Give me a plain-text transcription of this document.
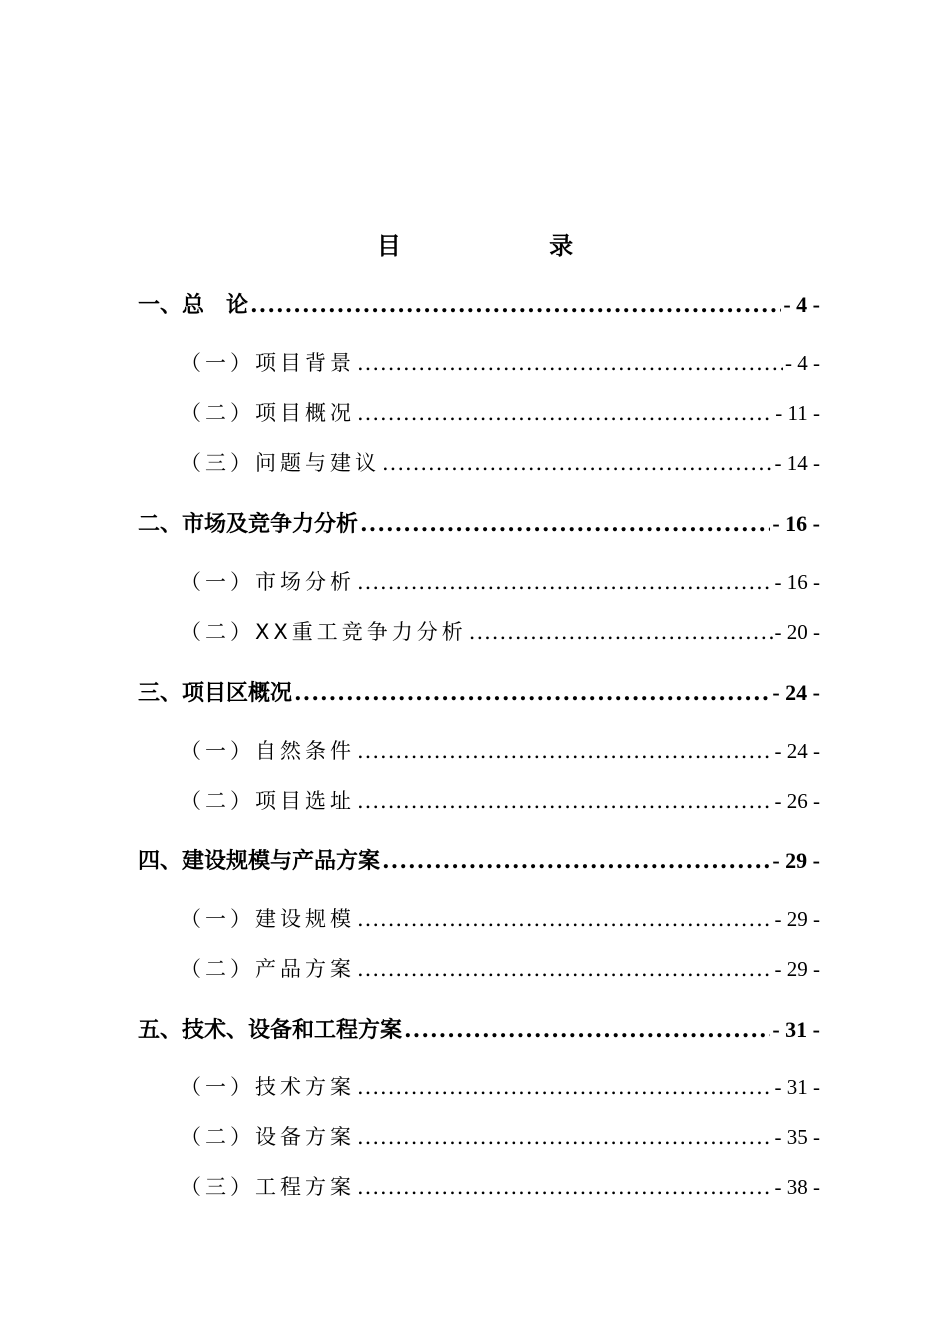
目 录
一、总　论 .....	- 4 -
（一）项目背景 .....	- 4 -
（二）项目概况 .....	- 11 -
（三）问题与建议 .....	- 14 -
二、市场及竞争力分析 .....	- 16 -
（一）市场分析 .....	- 16 -
（二）XX重工竞争力分析 .....	- 20 -
三、项目区概况 .....	- 24 -
（一）自然条件 .....	- 24 -
（二）项目选址 .....	- 26 -
四、建设规模与产品方案 .....	- 29 -
（一）建设规模 .....	- 29 -
（二）产品方案 .....	- 29 -
五、技术、设备和工程方案 .....	- 31 -
（一）技术方案 .....	- 31 -
（二）设备方案 .....	- 35 -
（三）工程方案 .....	- 38 -
